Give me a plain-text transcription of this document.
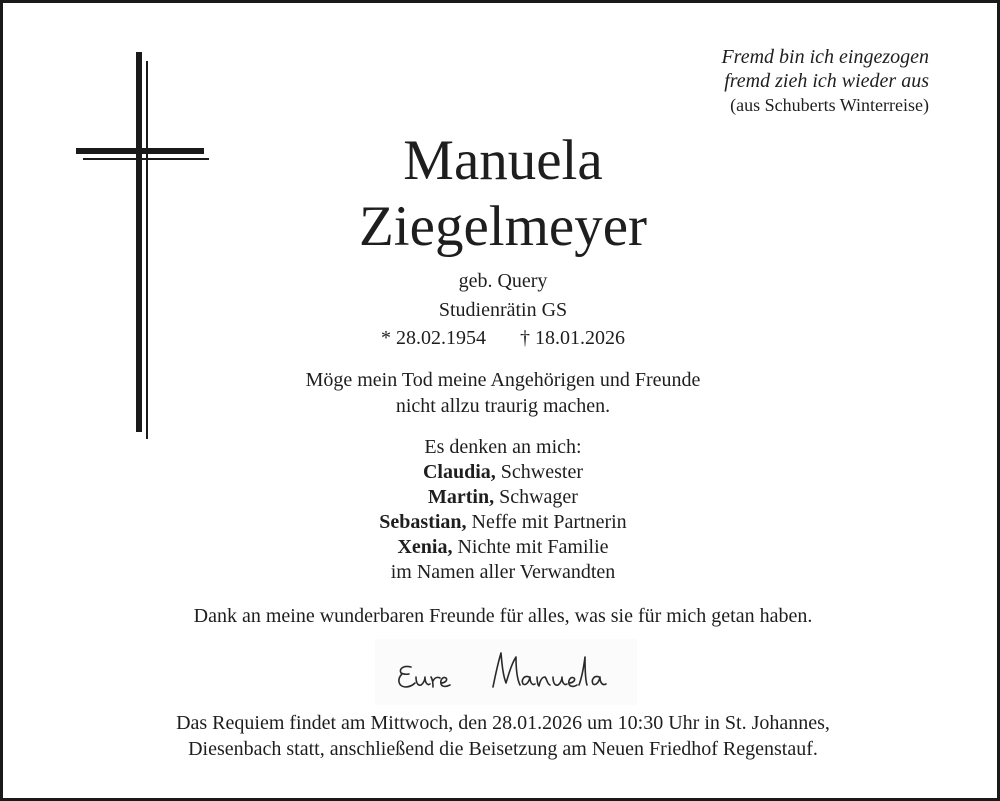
Fremd bin ich eingezogen
fremd zieh ich wieder aus
(aus Schuberts Winterreise)
Manuela
Ziegelmeyer
geb. Query
Studienrätin GS
* 28.02.1954 † 18.01.2026
Möge mein Tod meine Angehörigen und Freunde
nicht allzu traurig machen.
Es denken an mich:
Claudia, Schwester
Martin, Schwager
Sebastian, Neffe mit Partnerin
Xenia, Nichte mit Familie
im Namen aller Verwandten
Dank an meine wunderbaren Freunde für alles, was sie für mich getan haben.
Das Requiem findet am Mittwoch, den 28.01.2026 um 10:30 Uhr in St. Johannes,
Diesenbach statt, anschließend die Beisetzung am Neuen Friedhof Regenstauf.
